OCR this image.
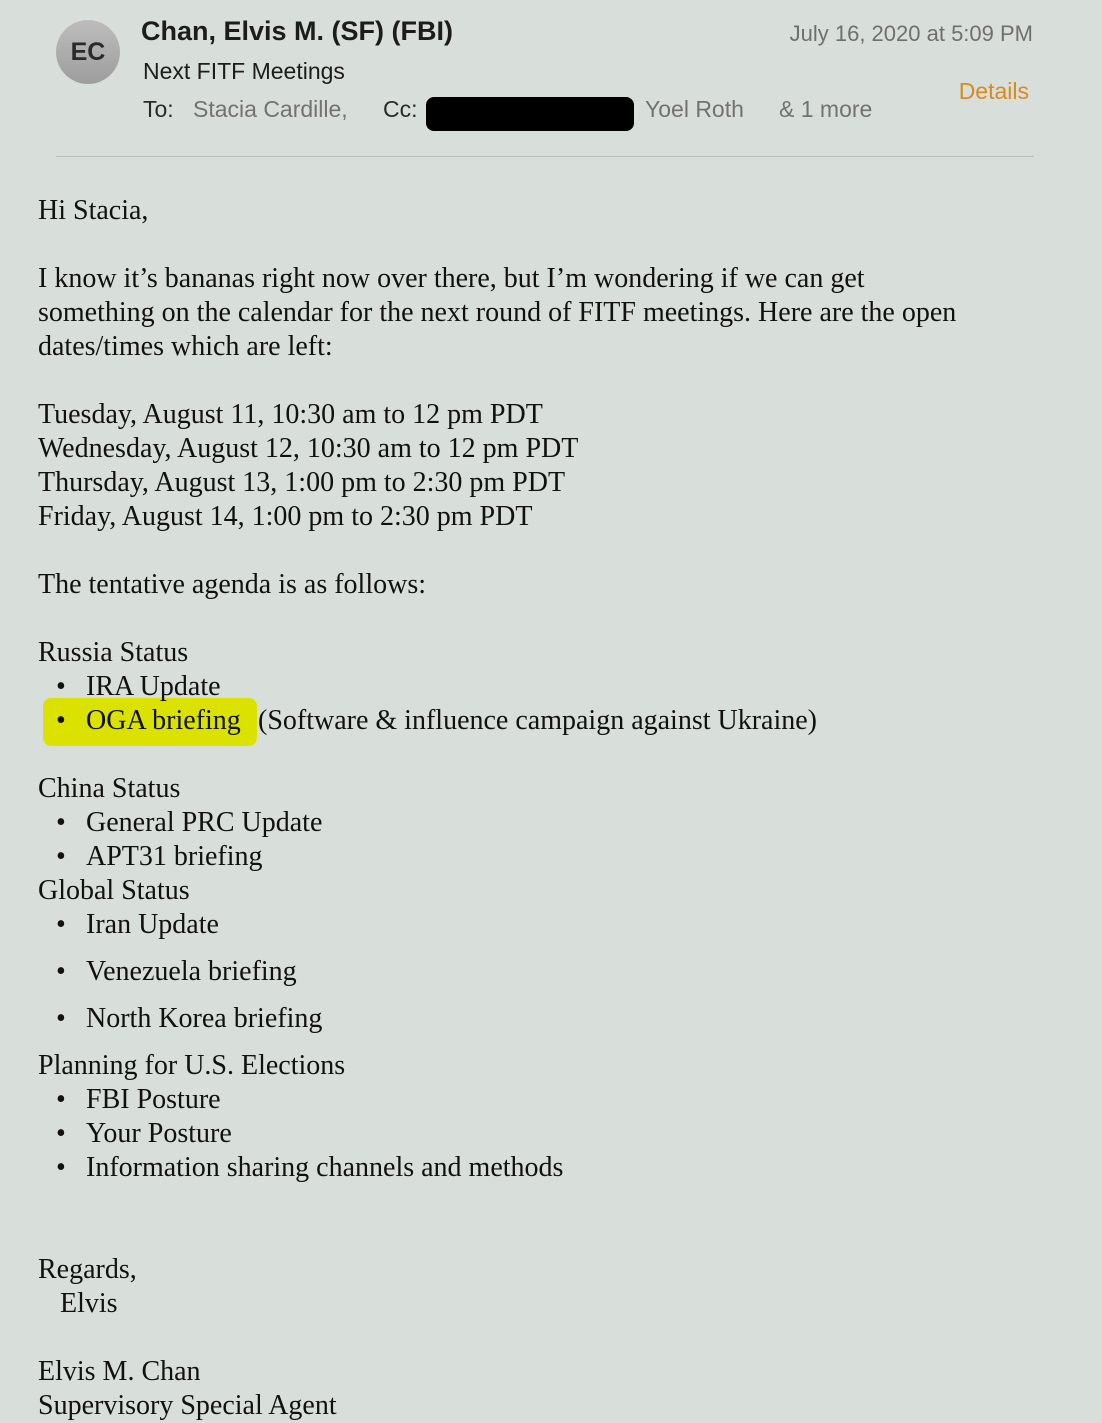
EC
Chan, Elvis M. (SF) (FBI)	July 16, 2020 at 5:09 PM
Next FITF Meetings
Details
To: Stacia Cardille, Cc:	Yoel Roth & 1 more
Hi Stacia,
I know it’s bananas right now over there, but I’m wondering if we can get
something on the calendar for the next round of FITF meetings. Here are the open
dates/times which are left:
Tuesday, August 11, 10:30 am to 12 pm PDT
Wednesday, August 12, 10:30 am to 12 pm PDT
Thursday, August 13, 1:00 pm to 2:30 pm PDT
Friday, August 14, 1:00 pm to 2:30 pm PDT
The tentative agenda is as follows:
Russia Status
• IRA Update
• OGA briefing (Software & influence campaign against Ukraine)
China Status
• General PRC Update
• APT31 briefing
Global Status
• Iran Update
• Venezuela briefing
• North Korea briefing
Planning for U.S. Elections
• FBI Posture
• Your Posture
• Information sharing channels and methods
Regards,
Elvis
Elvis M. Chan
Supervisory Special Agent
